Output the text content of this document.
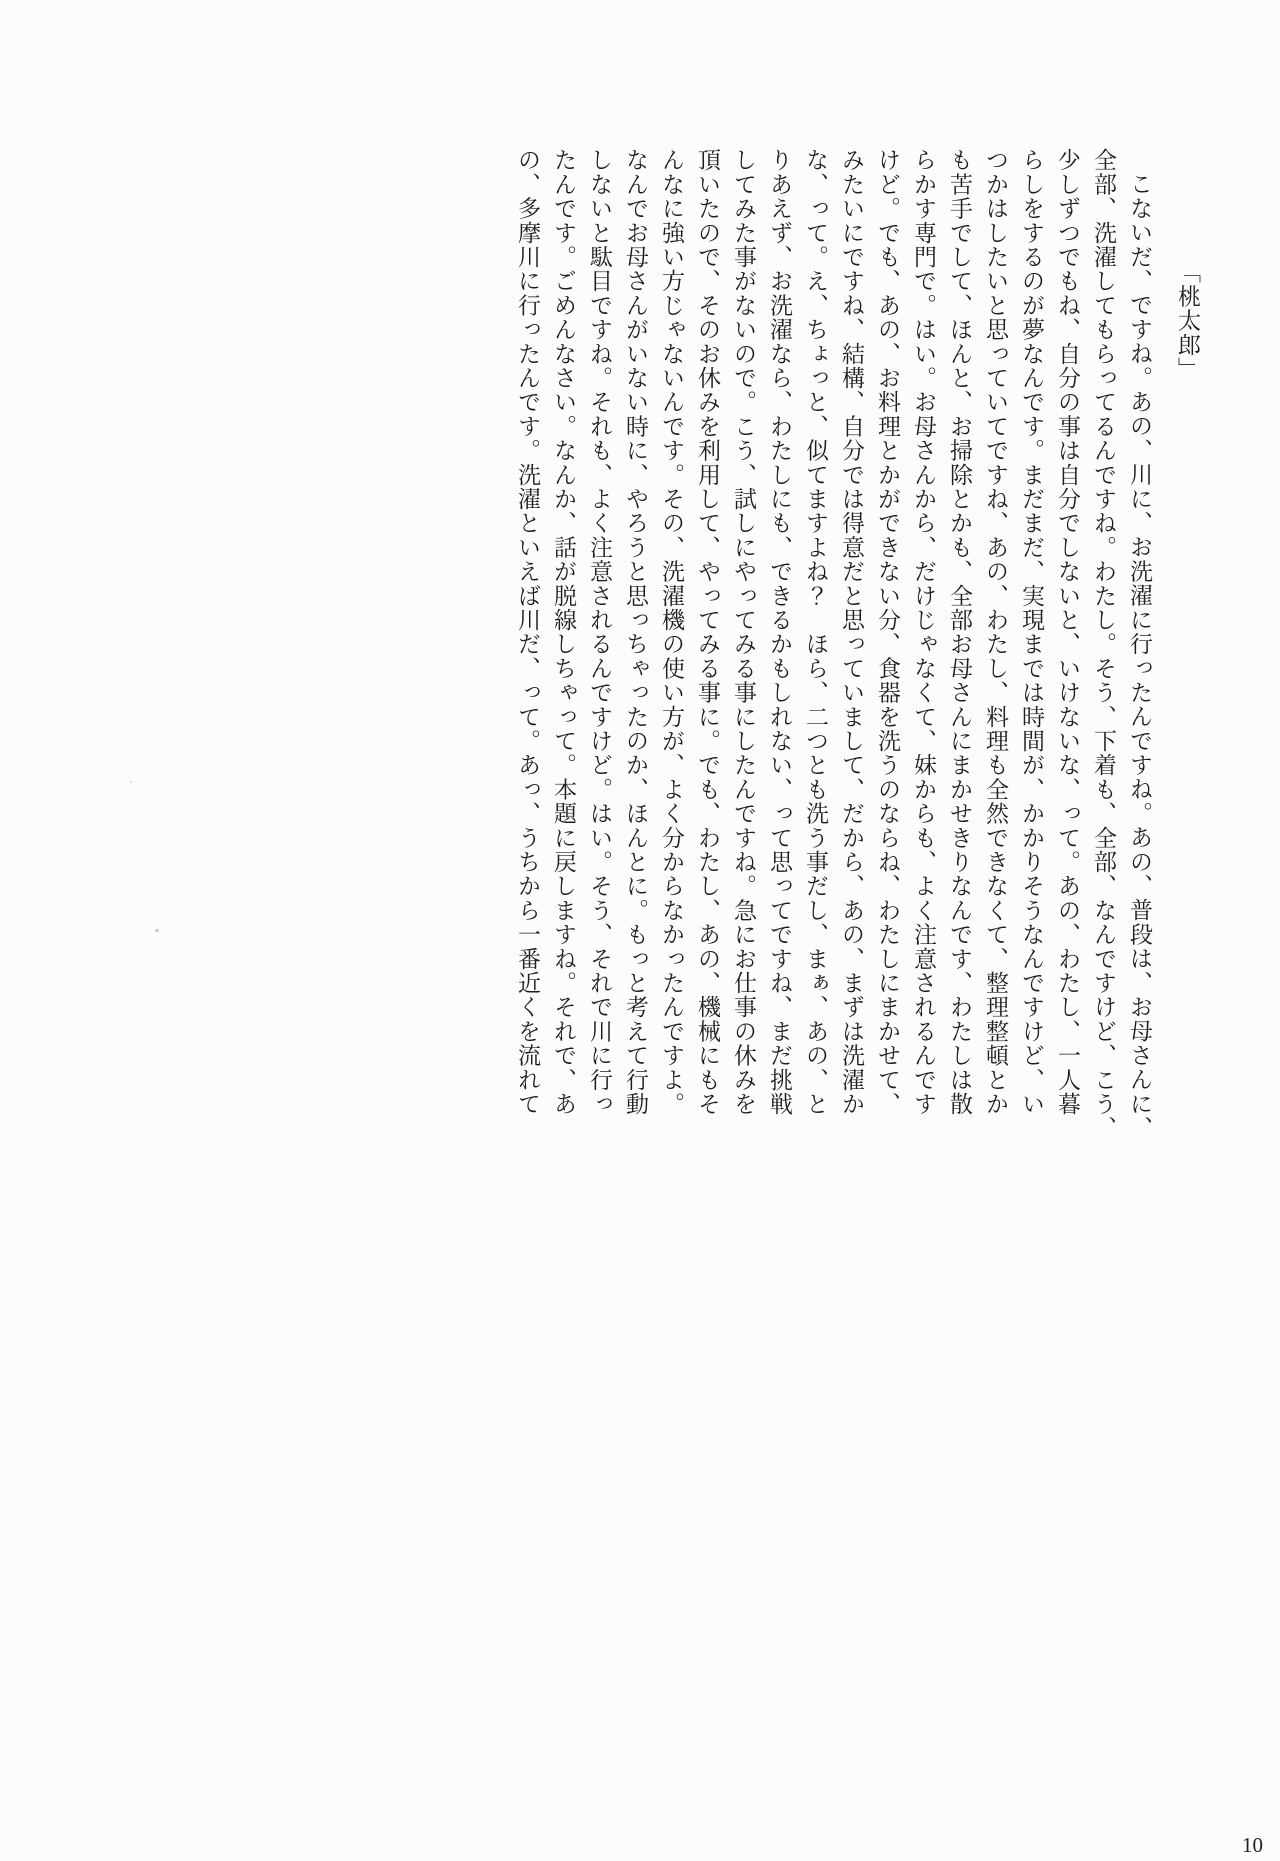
「桃太郎」
こないだ、ですね。あの、川に、お洗濯に行ったんですね。あの、普段は、お母さんに、
全部、洗濯してもらってるんですね。わたし。そう、下着も、全部、なんですけど、こう、
少しずつでもね、自分の事は自分でしないと、いけないな、って。あの、わたし、一人暮
らしをするのが夢なんです。まだまだ、実現までは時間が、かかりそうなんですけど、い
つかはしたいと思っていてですね、あの、わたし、料理も全然できなくて、整理整頓とか
も苦手でして、ほんと、お掃除とかも、全部お母さんにまかせきりなんです、わたしは散
らかす専門で。はい。お母さんから、だけじゃなくて、妹からも、よく注意されるんです
けど。でも、あの、お料理とかができない分、食器を洗うのならね、わたしにまかせて、
みたいにですね、結構、自分では得意だと思っていまして、だから、あの、まずは洗濯か
な、って。え、ちょっと、似てますよね？　ほら、二つとも洗う事だし、まぁ、あの、と
りあえず、お洗濯なら、わたしにも、できるかもしれない、って思ってですね、まだ挑戦
してみた事がないので。こう、試しにやってみる事にしたんですね。急にお仕事の休みを
頂いたので、そのお休みを利用して、やってみる事に。でも、わたし、あの、機械にもそ
んなに強い方じゃないんです。その、洗濯機の使い方が、よく分からなかったんですよ。
なんでお母さんがいない時に、やろうと思っちゃったのか、ほんとに。もっと考えて行動
しないと駄目ですね。それも、よく注意されるんですけど。はい。そう、それで川に行っ
たんです。ごめんなさい。なんか、話が脱線しちゃって。本題に戻しますね。それで、あ
の、多摩川に行ったんです。洗濯といえば川だ、って。あっ、うちから一番近くを流れて
10
